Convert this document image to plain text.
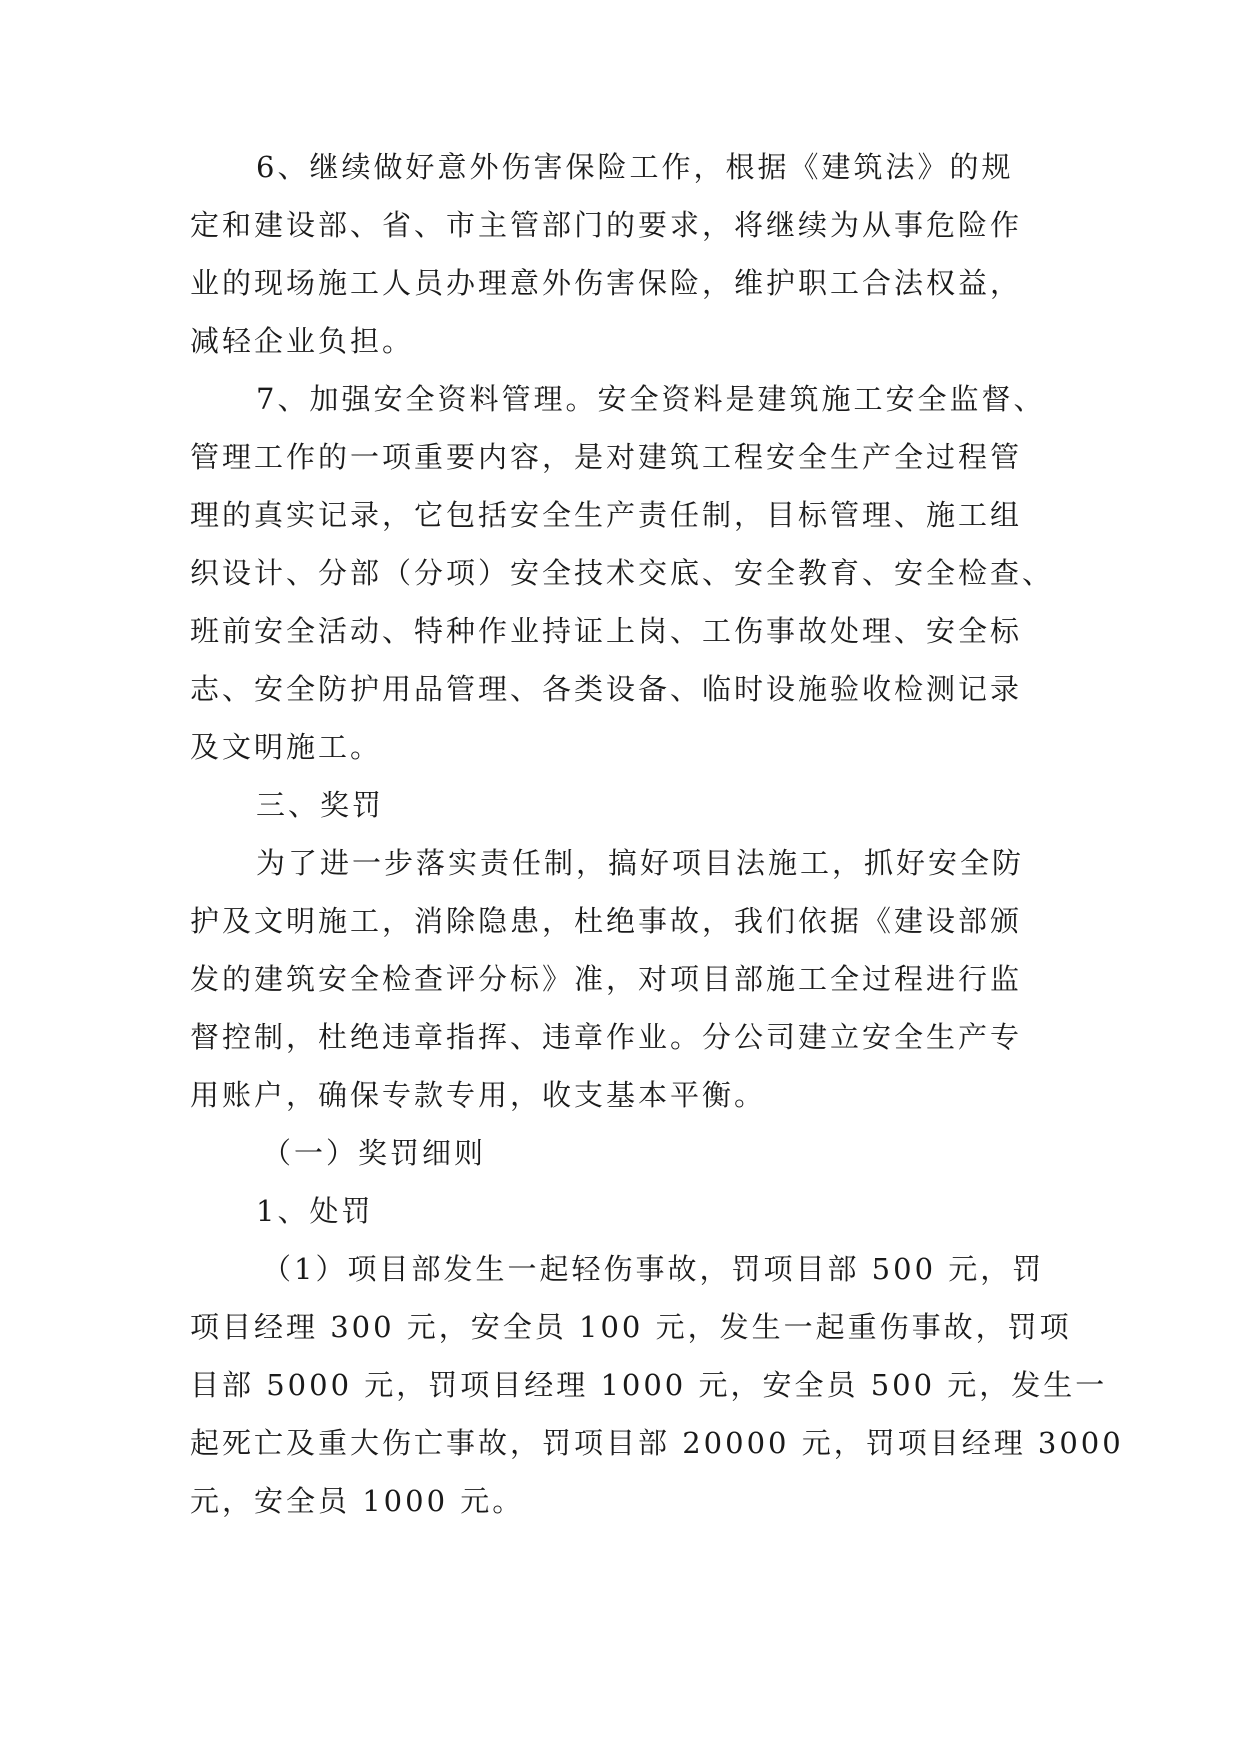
6、继续做好意外伤害保险工作，根据《建筑法》的规
定和建设部、省、市主管部门的要求，将继续为从事危险作
业的现场施工人员办理意外伤害保险，维护职工合法权益，
减轻企业负担。
7、加强安全资料管理。安全资料是建筑施工安全监督、
管理工作的一项重要内容，是对建筑工程安全生产全过程管
理的真实记录，它包括安全生产责任制，目标管理、施工组
织设计、分部（分项）安全技术交底、安全教育、安全检查、
班前安全活动、特种作业持证上岗、工伤事故处理、安全标
志、安全防护用品管理、各类设备、临时设施验收检测记录
及文明施工。
三、奖罚
为了进一步落实责任制，搞好项目法施工，抓好安全防
护及文明施工，消除隐患，杜绝事故，我们依据《建设部颁
发的建筑安全检查评分标》准，对项目部施工全过程进行监
督控制，杜绝违章指挥、违章作业。分公司建立安全生产专
用账户，确保专款专用，收支基本平衡。
（一）奖罚细则
1、处罚
（1）项目部发生一起轻伤事故，罚项目部 500 元，罚
项目经理 300 元，安全员 100 元，发生一起重伤事故，罚项
目部 5000 元，罚项目经理 1000 元，安全员 500 元，发生一
起死亡及重大伤亡事故，罚项目部 20000 元，罚项目经理 3000
元，安全员 1000 元。
